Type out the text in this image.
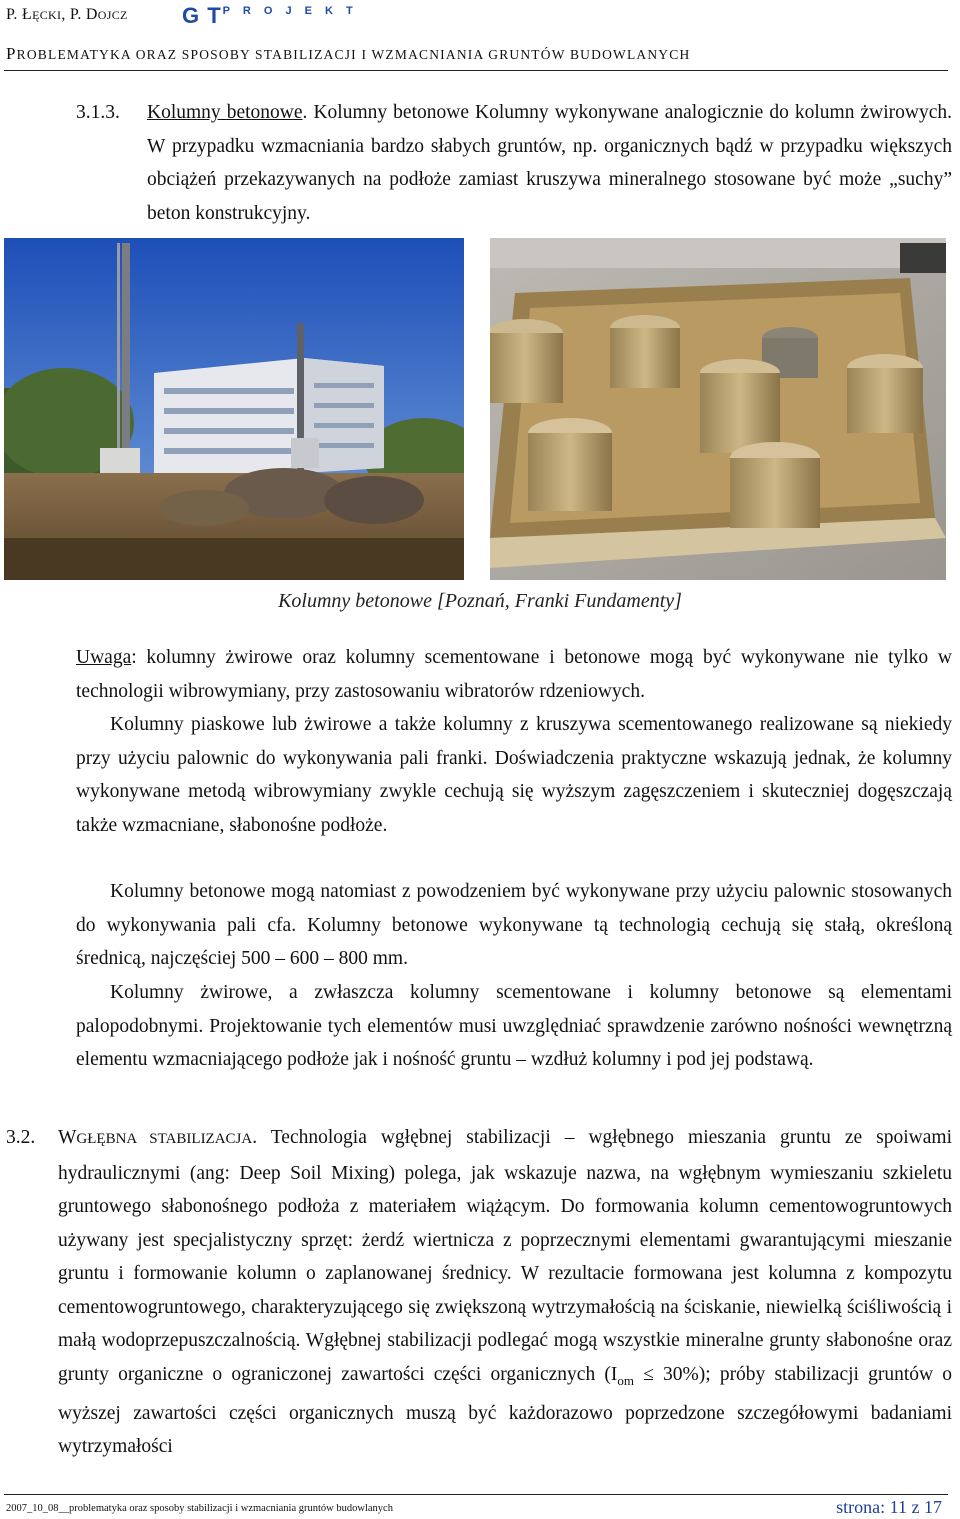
P. ŁĘCKI, P. DOJCZ G $T^{P R O J E K T}$
PROBLEMATYKA ORAZ SPOSOBY STABILIZACJI I WZMACNIANIA GRUNTÓW BUDOWLANYCH
3.1.3. Kolumny betonowe. Kolumny betonowe Kolumny wykonywane analogicznie do kolumn żwirowych. W przypadku wzmacniania bardzo słabych gruntów, np. organicznych bądź w przypadku większych obciążeń przekazywanych na podłoże zamiast kruszywa mineralnego stosowane być może „suchy” beton konstrukcyjny.
Kolumny betonowe [Poznań, Franki Fundamenty]
Uwaga: kolumny żwirowe oraz kolumny scementowane i betonowe mogą być wykonywane nie tylko w technologii wibrowymiany, przy zastosowaniu wibratorów rdzeniowych.
Kolumny piaskowe lub żwirowe a także kolumny z kruszywa scementowanego realizowane są niekiedy przy użyciu palownic do wykonywania pali franki. Doświadczenia praktyczne wskazują jednak, że kolumny wykonywane metodą wibrowymiany zwykle cechują się wyższym zagęszczeniem i skuteczniej dogęszczają także wzmacniane, słabonośne podłoże.
Kolumny betonowe mogą natomiast z powodzeniem być wykonywane przy użyciu palownic stosowanych do wykonywania pali cfa. Kolumny betonowe wykonywane tą technologią cechują się stałą, określoną średnicą, najczęściej 500 – 600 – 800 mm.
Kolumny żwirowe, a zwłaszcza kolumny scementowane i kolumny betonowe są elementami palopodobnymi. Projektowanie tych elementów musi uwzględniać sprawdzenie zarówno nośności wewnętrzną elementu wzmacniającego podłoże jak i nośność gruntu – wzdłuż kolumny i pod jej podstawą.
3.2. WGŁĘBNA STABILIZACJA. Technologia wgłębnej stabilizacji – wgłębnego mieszania gruntu ze spoiwami hydraulicznymi (ang: Deep Soil Mixing) polega, jak wskazuje nazwa, na wgłębnym wymieszaniu szkieletu gruntowego słabonośnego podłoża z materiałem wiążącym. Do formowania kolumn cementowogruntowych używany jest specjalistyczny sprzęt: żerdź wiertnicza z poprzecznymi elementami gwarantującymi mieszanie gruntu i formowanie kolumn o zaplanowanej średnicy. W rezultacie formowana jest kolumna z kompozytu cementowogruntowego, charakteryzującego się zwiększoną wytrzymałością na ściskanie, niewielką ściśliwością i małą wodoprzepuszczalnością. Wgłębnej stabilizacji podlegać mogą wszystkie mineralne grunty słabonośne oraz grunty organiczne o ograniczonej zawartości części organicznych $(I_{om} \le 30\%)$; próby stabilizacji gruntów o wyższej zawartości części organicznych muszą być każdorazowo poprzedzone szczegółowymi badaniami wytrzymałości
2007_10_08__problematyka oraz sposoby stabilizacji i wzmacniania gruntów budowlanych	strona: 11 z 17
